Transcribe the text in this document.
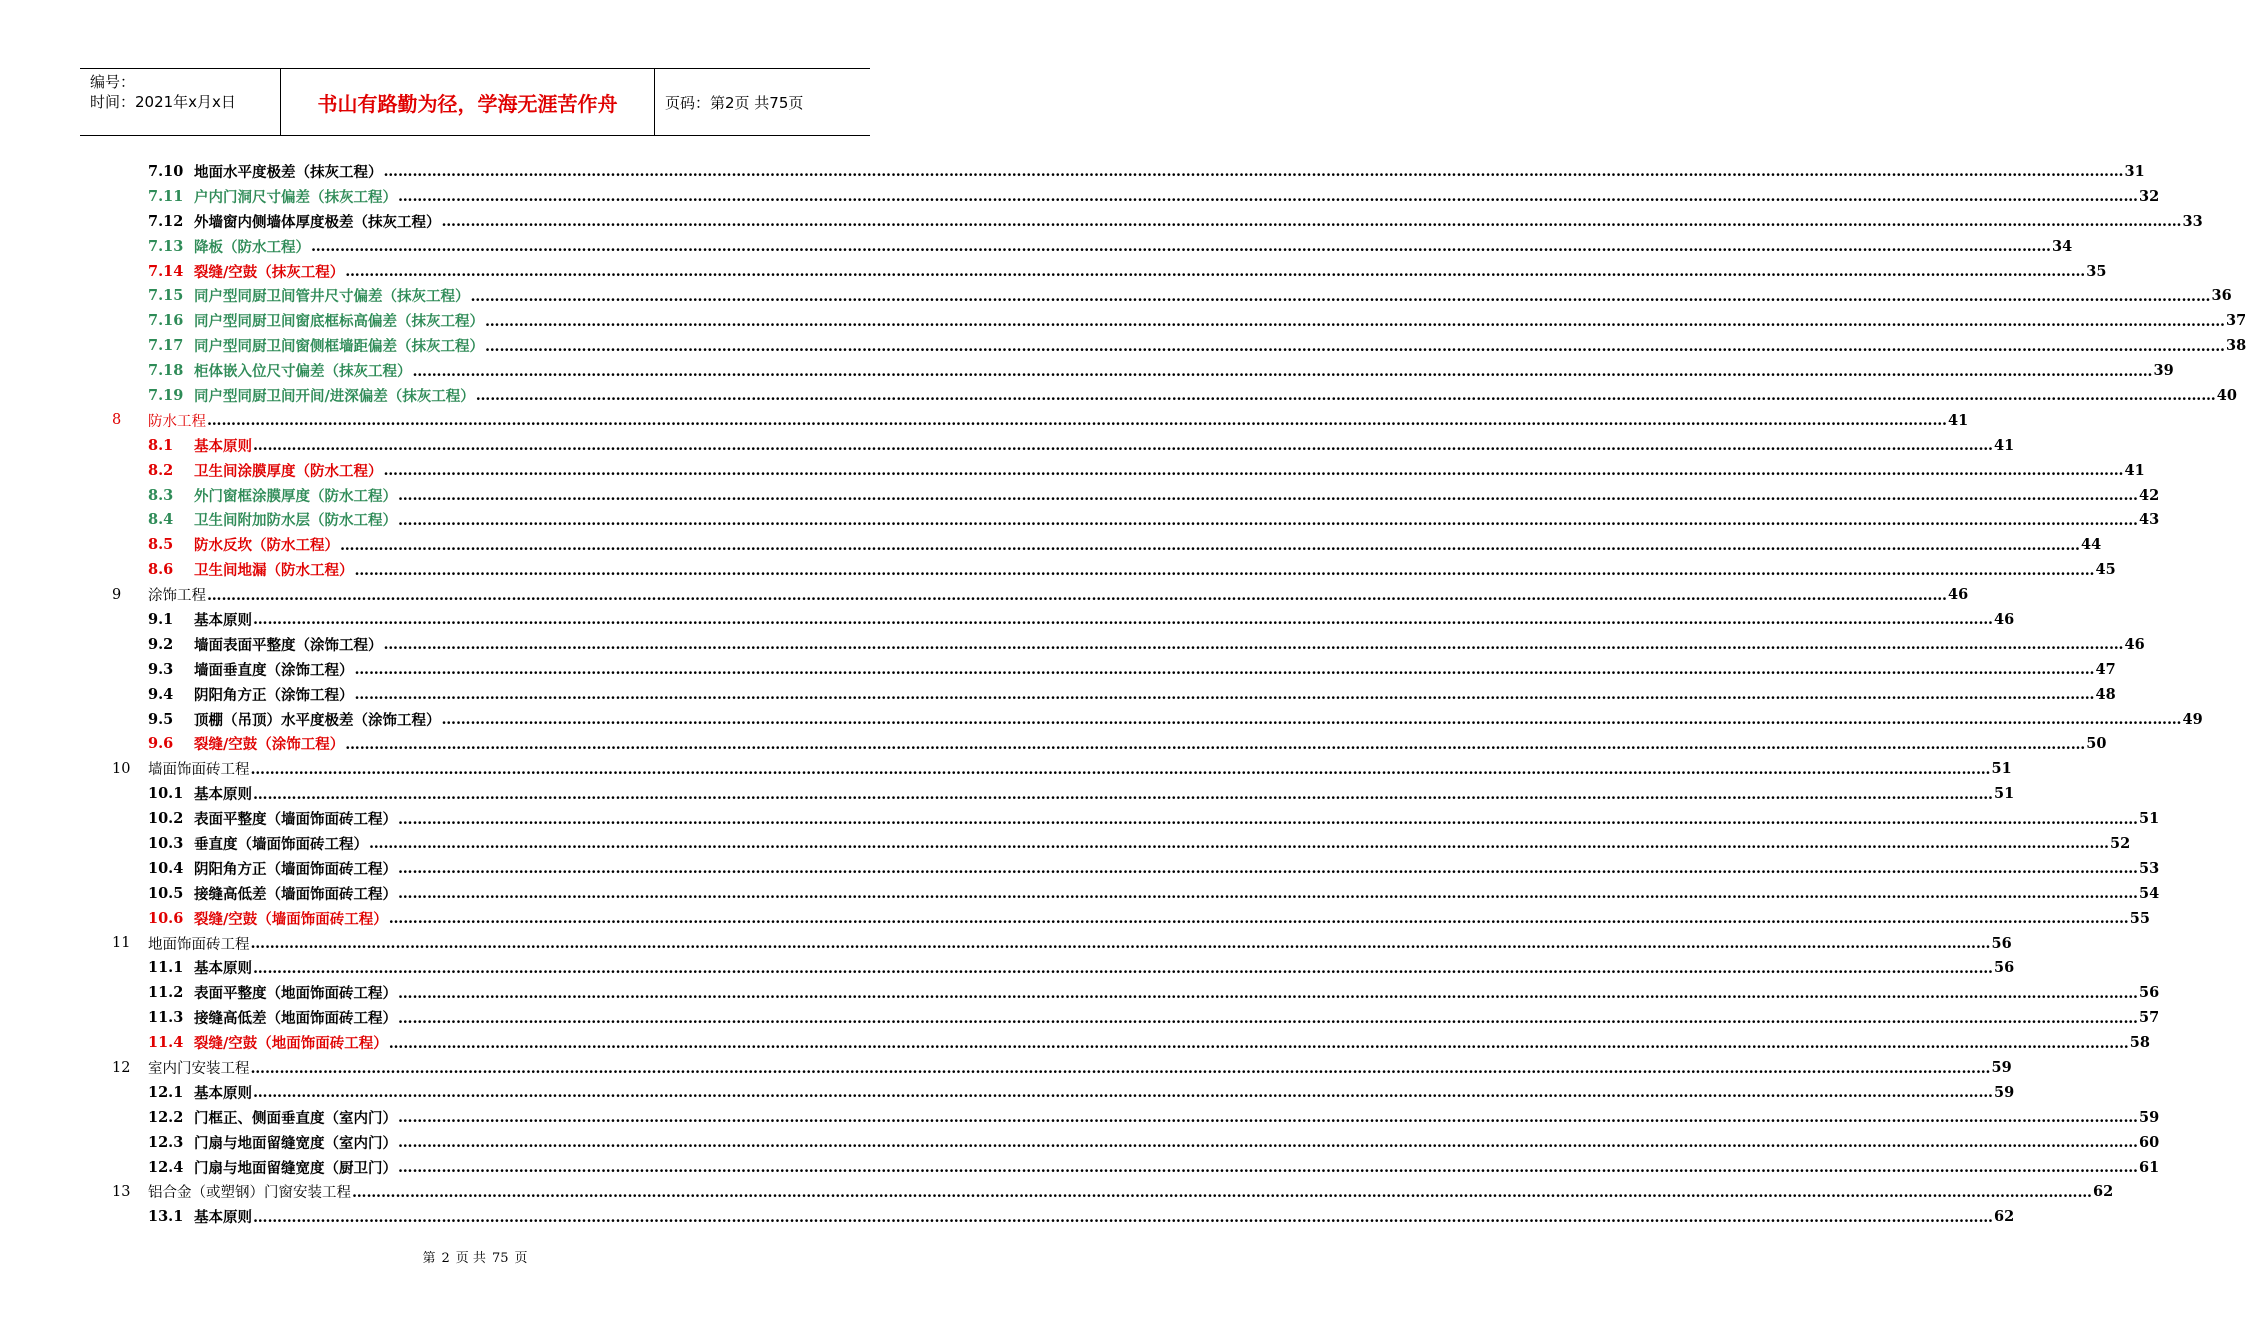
编号：
时间：2021年x月x日	书山有路勤为径，学海无涯苦作舟	页码：第2页 共75页
7.10 地面水平度极差（抹灰工程） ……………………………………………………………………………………………………………………………………………………………………………………………………………………………………………………………………………………………………………………………… 31
7.11 户内门洞尺寸偏差（抹灰工程） ……………………………………………………………………………………………………………………………………………………………………………………………………………………………………………………………………………………………………………………………… 32
7.12 外墙窗内侧墙体厚度极差（抹灰工程） ……………………………………………………………………………………………………………………………………………………………………………………………………………………………………………………………………………………………………………………………… 33
7.13 降板（防水工程） ……………………………………………………………………………………………………………………………………………………………………………………………………………………………………………………………………………………………………………………………… 34
7.14 裂缝/空鼓（抹灰工程） ……………………………………………………………………………………………………………………………………………………………………………………………………………………………………………………………………………………………………………………………… 35
7.15 同户型同厨卫间管井尺寸偏差（抹灰工程） ……………………………………………………………………………………………………………………………………………………………………………………………………………………………………………………………………………………………………………………………… 36
7.16 同户型同厨卫间窗底框标高偏差（抹灰工程） ……………………………………………………………………………………………………………………………………………………………………………………………………………………………………………………………………………………………………………………………… 37
7.17 同户型同厨卫间窗侧框墙距偏差（抹灰工程） ……………………………………………………………………………………………………………………………………………………………………………………………………………………………………………………………………………………………………………………………… 38
7.18 柜体嵌入位尺寸偏差（抹灰工程） ……………………………………………………………………………………………………………………………………………………………………………………………………………………………………………………………………………………………………………………………… 39
7.19 同户型同厨卫间开间/进深偏差（抹灰工程） ……………………………………………………………………………………………………………………………………………………………………………………………………………………………………………………………………………………………………………………………… 40
8	防水工程 ……………………………………………………………………………………………………………………………………………………………………………………………………………………………………………………………………………………………………………………………… 41
8.1	基本原则 ……………………………………………………………………………………………………………………………………………………………………………………………………………………………………………………………………………………………………………………………… 41
8.2	卫生间涂膜厚度（防水工程） ……………………………………………………………………………………………………………………………………………………………………………………………………………………………………………………………………………………………………………………………… 41
8.3	外门窗框涂膜厚度（防水工程） ……………………………………………………………………………………………………………………………………………………………………………………………………………………………………………………………………………………………………………………………… 42
8.4	卫生间附加防水层（防水工程） ……………………………………………………………………………………………………………………………………………………………………………………………………………………………………………………………………………………………………………………………… 43
8.5	防水反坎（防水工程） ……………………………………………………………………………………………………………………………………………………………………………………………………………………………………………………………………………………………………………………………… 44
8.6	卫生间地漏（防水工程） ……………………………………………………………………………………………………………………………………………………………………………………………………………………………………………………………………………………………………………………………… 45
9	涂饰工程 ……………………………………………………………………………………………………………………………………………………………………………………………………………………………………………………………………………………………………………………………… 46
9.1	基本原则 ……………………………………………………………………………………………………………………………………………………………………………………………………………………………………………………………………………………………………………………………… 46
9.2	墙面表面平整度（涂饰工程） ……………………………………………………………………………………………………………………………………………………………………………………………………………………………………………………………………………………………………………………………… 46
9.3	墙面垂直度（涂饰工程） ……………………………………………………………………………………………………………………………………………………………………………………………………………………………………………………………………………………………………………………………… 47
9.4	阴阳角方正（涂饰工程） ……………………………………………………………………………………………………………………………………………………………………………………………………………………………………………………………………………………………………………………………… 48
9.5	顶棚（吊顶）水平度极差（涂饰工程） ……………………………………………………………………………………………………………………………………………………………………………………………………………………………………………………………………………………………………………………………… 49
9.6	裂缝/空鼓（涂饰工程） ……………………………………………………………………………………………………………………………………………………………………………………………………………………………………………………………………………………………………………………………… 50
10	墙面饰面砖工程 ……………………………………………………………………………………………………………………………………………………………………………………………………………………………………………………………………………………………………………………………… 51
10.1 基本原则 ……………………………………………………………………………………………………………………………………………………………………………………………………………………………………………………………………………………………………………………………… 51
10.2 表面平整度（墙面饰面砖工程） ……………………………………………………………………………………………………………………………………………………………………………………………………………………………………………………………………………………………………………………………… 51
10.3 垂直度（墙面饰面砖工程） ……………………………………………………………………………………………………………………………………………………………………………………………………………………………………………………………………………………………………………………………… 52
10.4 阴阳角方正（墙面饰面砖工程） ……………………………………………………………………………………………………………………………………………………………………………………………………………………………………………………………………………………………………………………………… 53
10.5 接缝高低差（墙面饰面砖工程） ……………………………………………………………………………………………………………………………………………………………………………………………………………………………………………………………………………………………………………………………… 54
10.6 裂缝/空鼓（墙面饰面砖工程） ……………………………………………………………………………………………………………………………………………………………………………………………………………………………………………………………………………………………………………………………… 55
11	地面饰面砖工程 ……………………………………………………………………………………………………………………………………………………………………………………………………………………………………………………………………………………………………………………………… 56
11.1 基本原则 ……………………………………………………………………………………………………………………………………………………………………………………………………………………………………………………………………………………………………………………………… 56
11.2 表面平整度（地面饰面砖工程） ……………………………………………………………………………………………………………………………………………………………………………………………………………………………………………………………………………………………………………………………… 56
11.3 接缝高低差（地面饰面砖工程） ……………………………………………………………………………………………………………………………………………………………………………………………………………………………………………………………………………………………………………………………… 57
11.4 裂缝/空鼓（地面饰面砖工程） ……………………………………………………………………………………………………………………………………………………………………………………………………………………………………………………………………………………………………………………………… 58
12	室内门安装工程 ……………………………………………………………………………………………………………………………………………………………………………………………………………………………………………………………………………………………………………………………… 59
12.1 基本原则 ……………………………………………………………………………………………………………………………………………………………………………………………………………………………………………………………………………………………………………………………… 59
12.2 门框正、侧面垂直度（室内门） ……………………………………………………………………………………………………………………………………………………………………………………………………………………………………………………………………………………………………………………………… 59
12.3 门扇与地面留缝宽度（室内门） ……………………………………………………………………………………………………………………………………………………………………………………………………………………………………………………………………………………………………………………………… 60
12.4 门扇与地面留缝宽度（厨卫门） ……………………………………………………………………………………………………………………………………………………………………………………………………………………………………………………………………………………………………………………………… 61
13	铝合金（或塑钢）门窗安装工程 ……………………………………………………………………………………………………………………………………………………………………………………………………………………………………………………………………………………………………………………………… 62
13.1 基本原则 ……………………………………………………………………………………………………………………………………………………………………………………………………………………………………………………………………………………………………………………………… 62
第 2 页 共 75 页
